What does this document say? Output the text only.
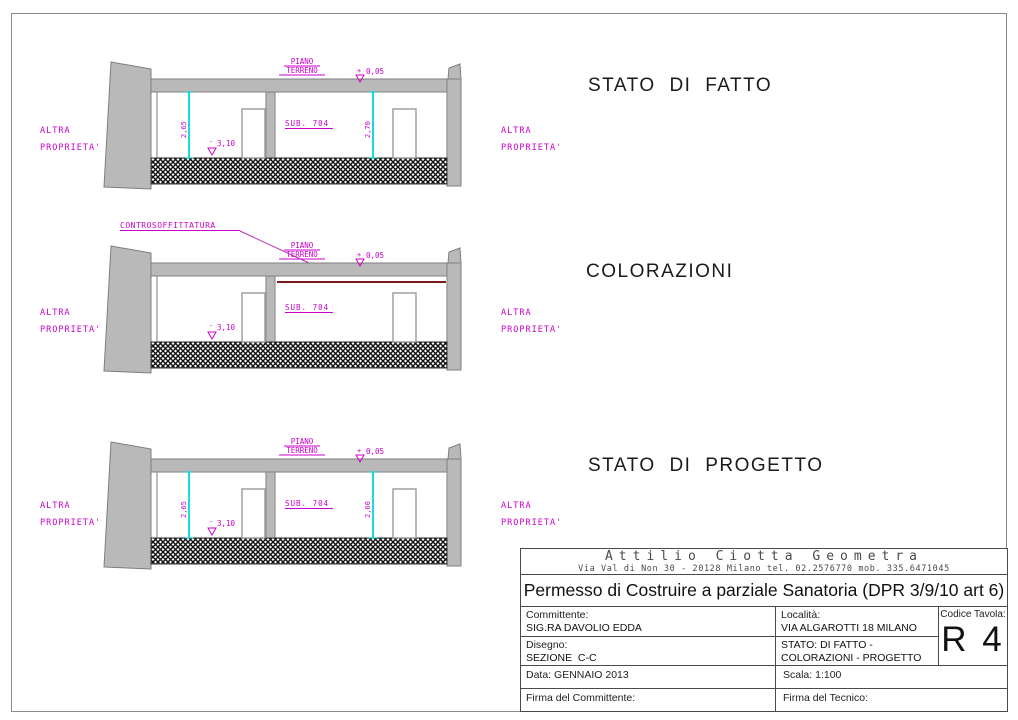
2,65	2,70
+ 0,05
- 3,10
PIANO
TERRENO
SUB. 704
STATO DI FATTO
ALTRA
PROPRIETA'
ALTRA
PROPRIETA'
CONTROSOFFITTATURA
+ 0,05
- 3,10
PIANO
TERRENO
SUB. 704
COLORAZIONI
ALTRA
PROPRIETA'
ALTRA
PROPRIETA'
2,65	2,60
+ 0,05
- 3,10
PIANO
TERRENO
SUB. 704
STATO DI PROGETTO
ALTRA
PROPRIETA'
ALTRA
PROPRIETA'
Attilio Ciotta Geometra
Via Val di Non 30 - 20128 Milano tel. 02.2576770 mob. 335.6471045
Permesso di Costruire a parziale Sanatoria (DPR 3/9/10 art 6)
Committente:
SIG.RA DAVOLIO EDDA
Disegno:
SEZIONE  C-C
Località:
VIA ALGAROTTI 18 MILANO
STATO: DI FATTO - COLORAZIONI - PROGETTO
Codice Tavola:
R 4
Data: GENNAIO 2013	Scala: 1:100
Firma del Committente:	Firma del Tecnico:
